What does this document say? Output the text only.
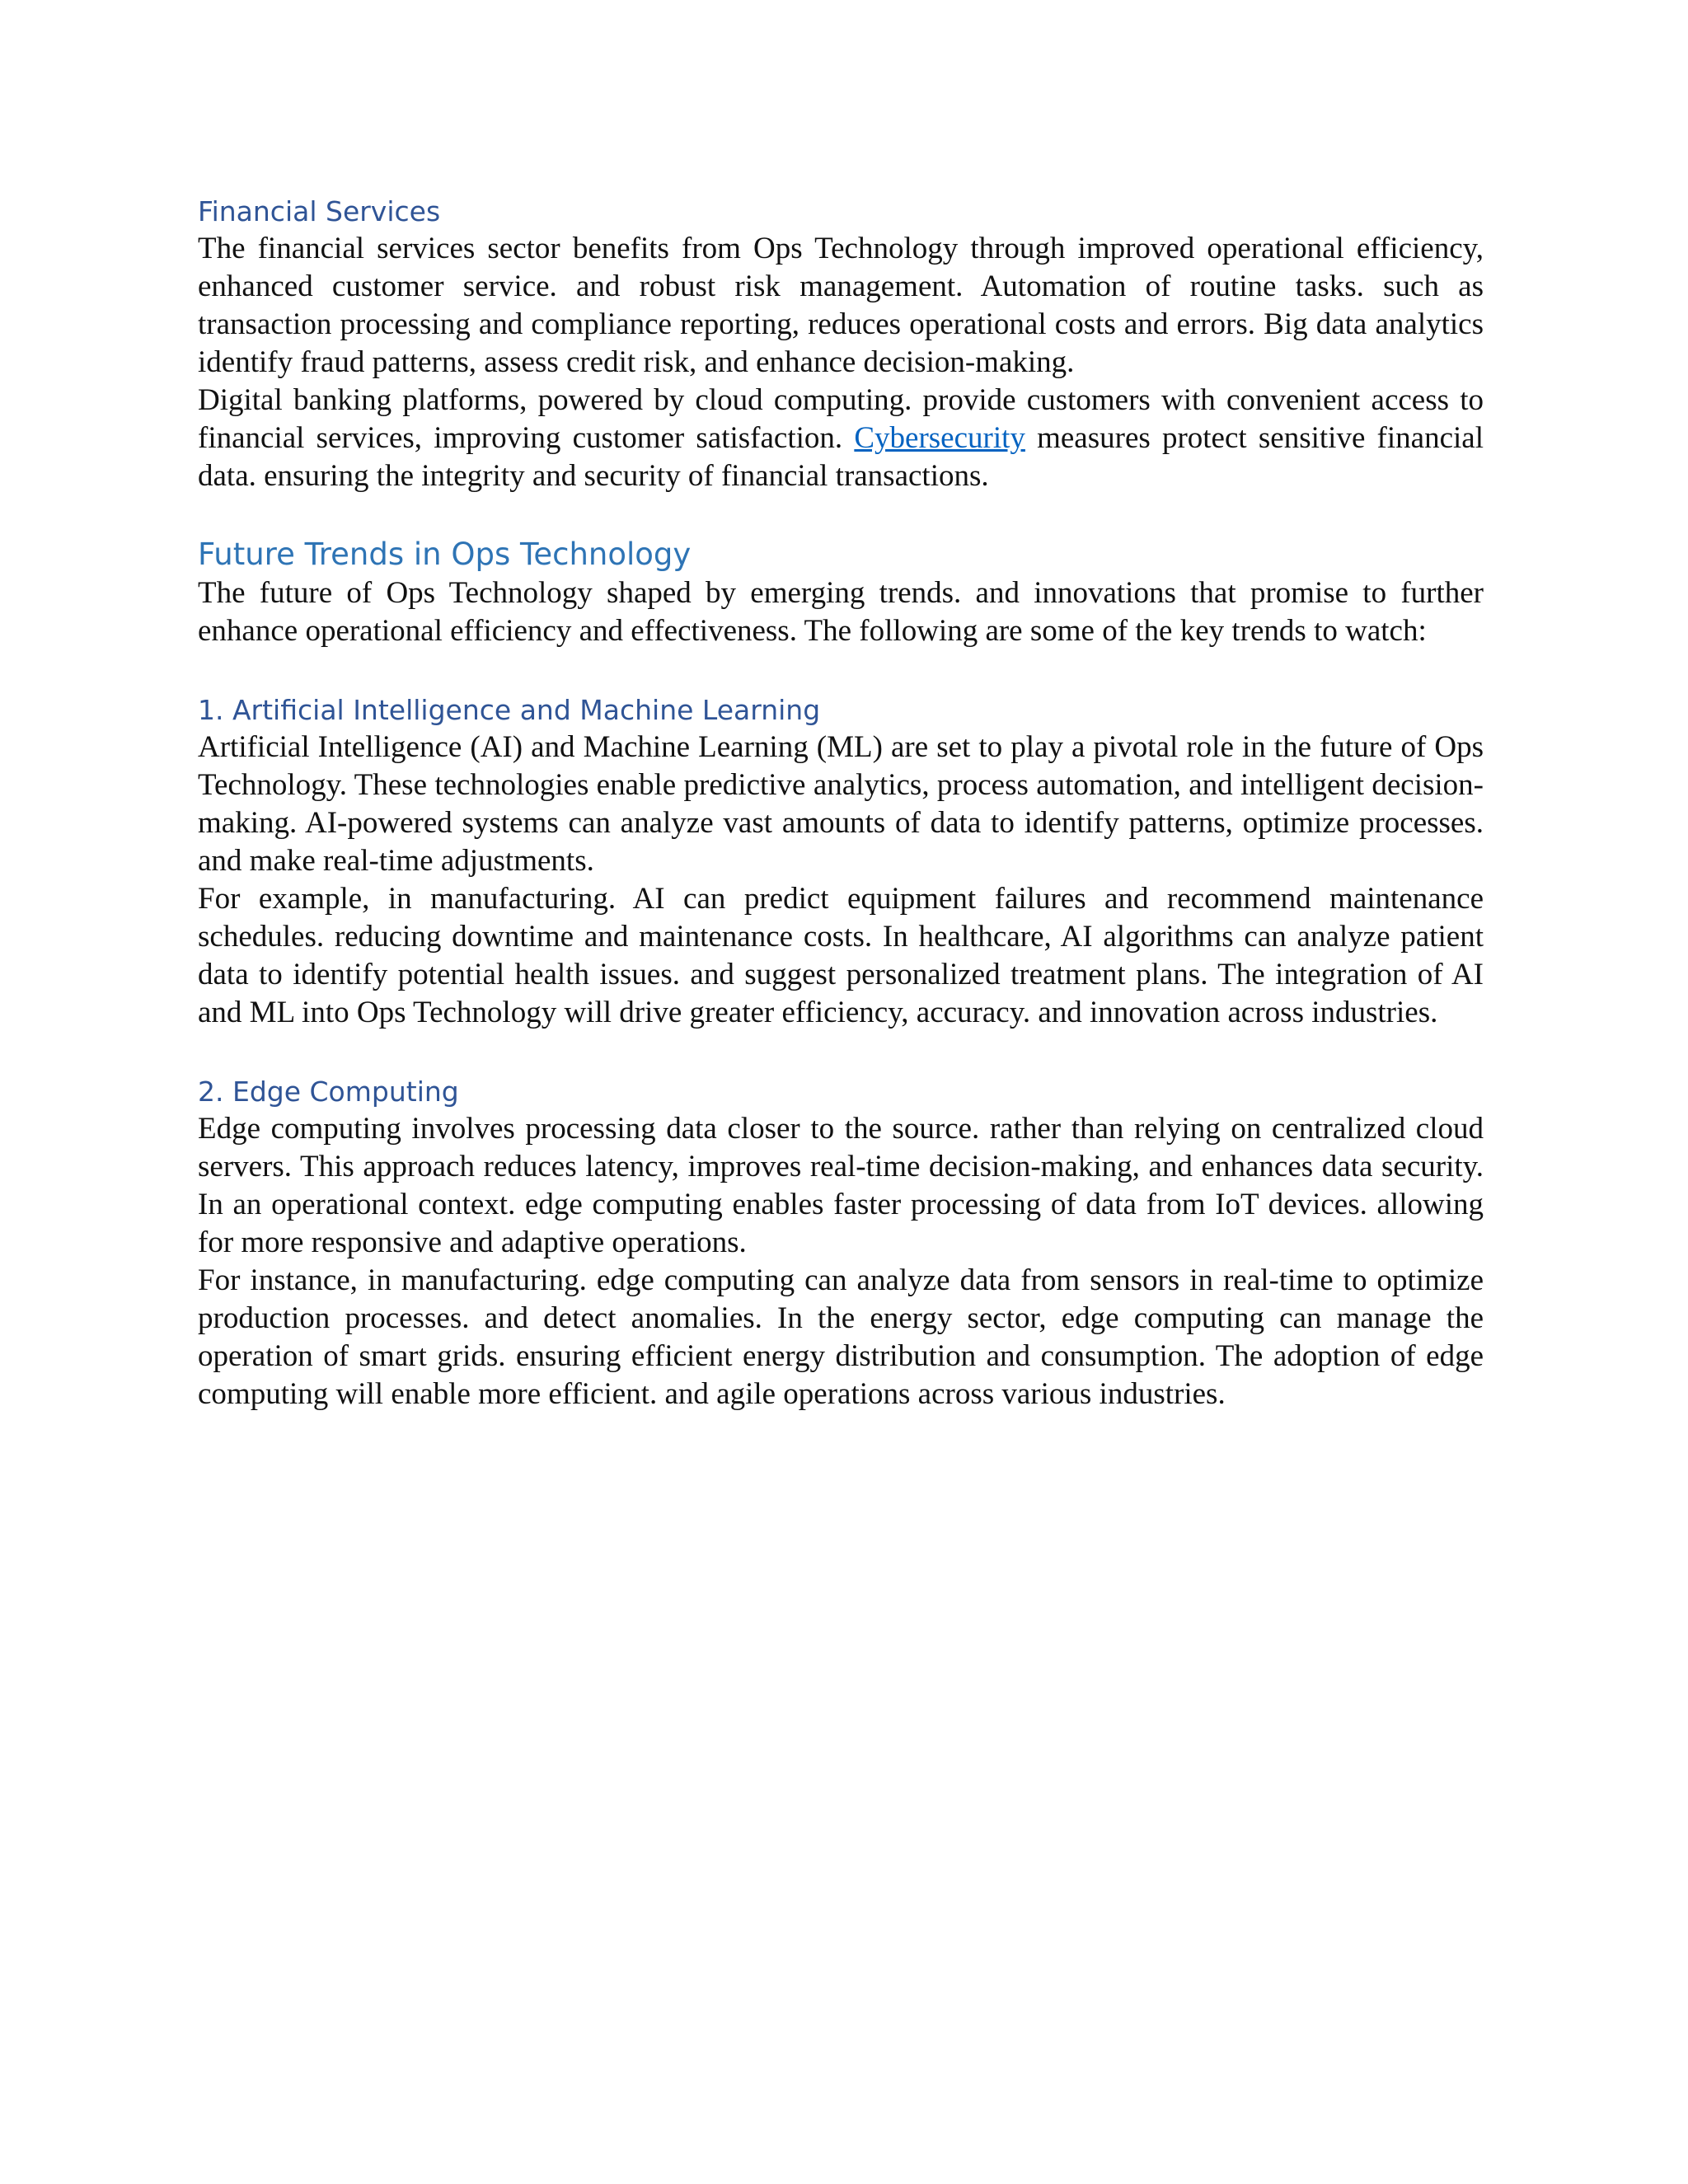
Financial Services

The financial services sector benefits from Ops Technology through improved operational efficiency, enhanced customer service. and robust risk management. Automation of routine tasks. such as transaction processing and compliance reporting, reduces operational costs and errors. Big data analytics identify fraud patterns, assess credit risk, and enhance decision-making.

Digital banking platforms, powered by cloud computing. provide customers with convenient access to financial services, improving customer satisfaction. Cybersecurity measures protect sensitive financial data. ensuring the integrity and security of financial transactions.

Future Trends in Ops Technology

The future of Ops Technology shaped by emerging trends. and innovations that promise to further enhance operational efficiency and effectiveness. The following are some of the key trends to watch:

1. Artificial Intelligence and Machine Learning

Artificial Intelligence (AI) and Machine Learning (ML) are set to play a pivotal role in the future of Ops Technology. These technologies enable predictive analytics, process automation, and intelligent decision-making. AI-powered systems can analyze vast amounts of data to identify patterns, optimize processes. and make real-time adjustments.

For example, in manufacturing. AI can predict equipment failures and recommend maintenance schedules. reducing downtime and maintenance costs. In healthcare, AI algorithms can analyze patient data to identify potential health issues. and suggest personalized treatment plans. The integration of AI and ML into Ops Technology will drive greater efficiency, accuracy. and innovation across industries.

2. Edge Computing

Edge computing involves processing data closer to the source. rather than relying on centralized cloud servers. This approach reduces latency, improves real-time decision-making, and enhances data security. In an operational context. edge computing enables faster processing of data from IoT devices. allowing for more responsive and adaptive operations.

For instance, in manufacturing. edge computing can analyze data from sensors in real-time to optimize production processes. and detect anomalies. In the energy sector, edge computing can manage the operation of smart grids. ensuring efficient energy distribution and consumption. The adoption of edge computing will enable more efficient. and agile operations across various industries.
